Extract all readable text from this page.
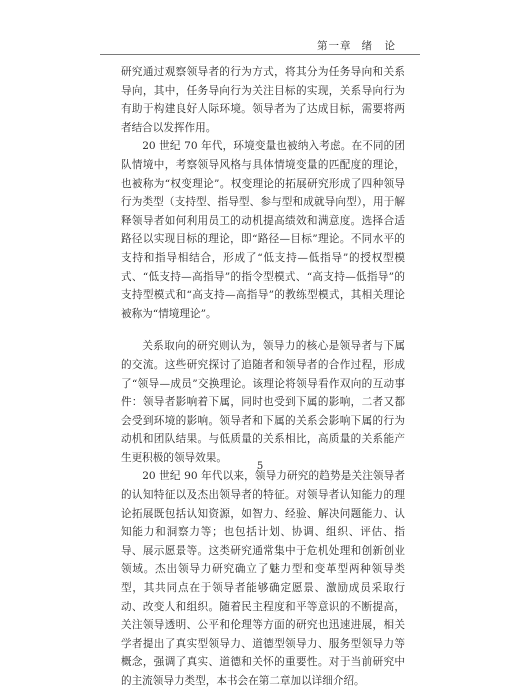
第一章 绪　论

研究通过观察领导者的行为方式，将其分为任务导向和关系导向，其中，任务导向行为关注目标的实现，关系导向行为有助于构建良好人际环境。领导者为了达成目标，需要将两者结合以发挥作用。

20 世纪 70 年代，环境变量也被纳入考虑。在不同的团队情境中，考察领导风格与具体情境变量的匹配度的理论，也被称为“权变理论”。权变理论的拓展研究形成了四种领导行为类型（支持型、指导型、参与型和成就导向型），用于解释领导者如何利用员工的动机提高绩效和满意度。选择合适路径以实现目标的理论，即“路径—目标”理论。不同水平的支持和指导相结合，形成了“低支持—低指导”的授权型模式、“低支持—高指导”的指令型模式、“高支持—低指导”的支持型模式和“高支持—高指导”的教练型模式，其相关理论被称为“情境理论”。

关系取向的研究则认为，领导力的核心是领导者与下属的交流。这些研究探讨了追随者和领导者的合作过程，形成了“领导—成员”交换理论。该理论将领导看作双向的互动事件：领导者影响着下属，同时也受到下属的影响，二者又都会受到环境的影响。领导者和下属的关系会影响下属的行为动机和团队结果。与低质量的关系相比，高质量的关系能产生更积极的领导效果。

20 世纪 90 年代以来，领导力研究的趋势是关注领导者的认知特征以及杰出领导者的特征。对领导者认知能力的理论拓展既包括认知资源，如智力、经验、解决问题能力、认知能力和洞察力等；也包括计划、协调、组织、评估、指导、展示愿景等。这类研究通常集中于危机处理和创新创业领域。杰出领导力研究确立了魅力型和变革型两种领导类型，其共同点在于领导者能够确定愿景、激励成员采取行动、改变人和组织。随着民主程度和平等意识的不断提高，关注领导透明、公平和伦理等方面的研究也迅速进展，相关学者提出了真实型领导力、道德型领导力、服务型领导力等概念，强调了真实、道德和关怀的重要性。对于当前研究中的主流领导力类型，本书会在第二章加以详细介绍。

5
